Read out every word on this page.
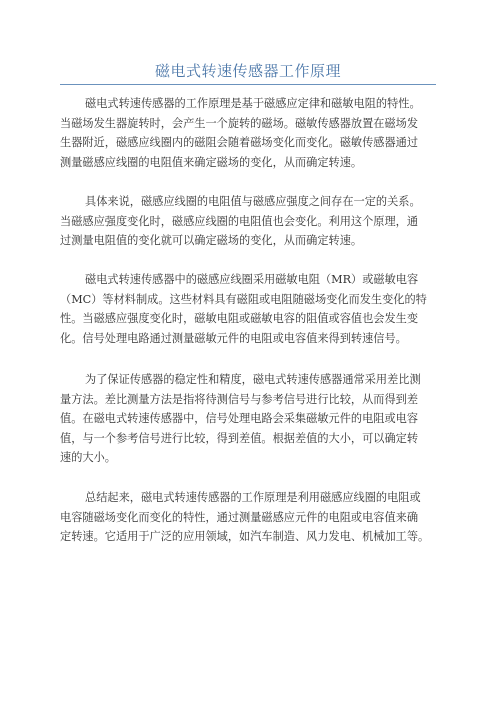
磁电式转速传感器工作原理
磁电式转速传感器的工作原理是基于磁感应定律和磁敏电阻的特性。
当磁场发生器旋转时，会产生一个旋转的磁场。磁敏传感器放置在磁场发
生器附近，磁感应线圈内的磁阻会随着磁场变化而变化。磁敏传感器通过
测量磁感应线圈的电阻值来确定磁场的变化，从而确定转速。
具体来说，磁感应线圈的电阻值与磁感应强度之间存在一定的关系。
当磁感应强度变化时，磁感应线圈的电阻值也会变化。利用这个原理，通
过测量电阻值的变化就可以确定磁场的变化，从而确定转速。
磁电式转速传感器中的磁感应线圈采用磁敏电阻（MR）或磁敏电容
（MC）等材料制成。这些材料具有磁阻或电阻随磁场变化而发生变化的特
性。当磁感应强度变化时，磁敏电阻或磁敏电容的阻值或容值也会发生变
化。信号处理电路通过测量磁敏元件的电阻或电容值来得到转速信号。
为了保证传感器的稳定性和精度，磁电式转速传感器通常采用差比测
量方法。差比测量方法是指将待测信号与参考信号进行比较，从而得到差
值。在磁电式转速传感器中，信号处理电路会采集磁敏元件的电阻或电容
值，与一个参考信号进行比较，得到差值。根据差值的大小，可以确定转
速的大小。
总结起来，磁电式转速传感器的工作原理是利用磁感应线圈的电阻或
电容随磁场变化而变化的特性，通过测量磁感应元件的电阻或电容值来确
定转速。它适用于广泛的应用领域，如汽车制造、风力发电、机械加工等。
